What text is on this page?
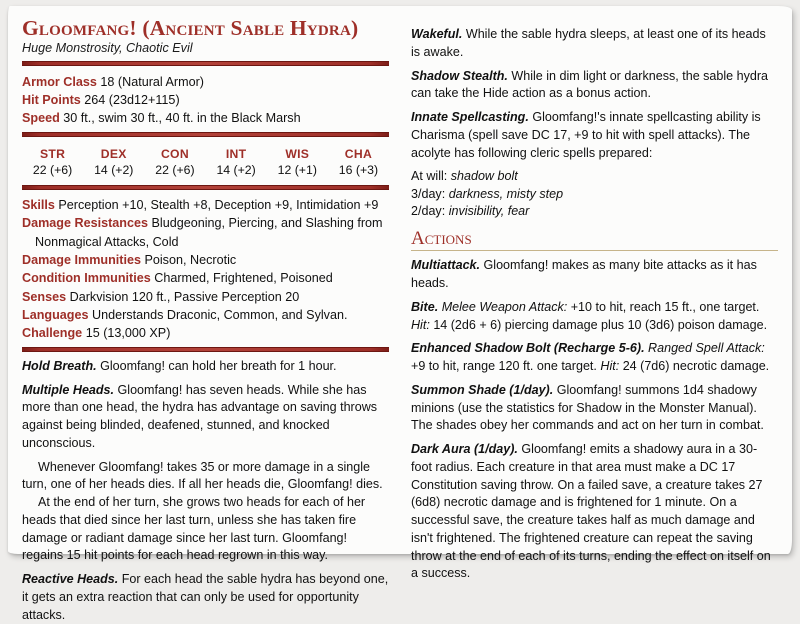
Gloomfang! (Ancient Sable Hydra)
Huge Monstrosity, Chaotic Evil
Armor Class 18 (Natural Armor)
Hit Points 264 (23d12+115)
Speed 30 ft., swim 30 ft., 40 ft. in the Black Marsh
STR
22 (+6)
DEX
14 (+2)
CON
22 (+6)
INT
14 (+2)
WIS
12 (+1)
CHA
16 (+3)
Skills Perception +10, Stealth +8, Deception +9, Intimidation +9
Damage Resistances Bludgeoning, Piercing, and Slashing from Nonmagical Attacks, Cold
Damage Immunities Poison, Necrotic
Condition Immunities Charmed, Frightened, Poisoned
Senses Darkvision 120 ft., Passive Perception 20
Languages Understands Draconic, Common, and Sylvan.
Challenge 15 (13,000 XP)

Hold Breath. Gloomfang! can hold her breath for 1 hour.

Multiple Heads. Gloomfang! has seven heads. While she has more than one head, the hydra has advantage on saving throws against being blinded, deafened, stunned, and knocked unconscious.

Whenever Gloomfang! takes 35 or more damage in a single turn, one of her heads dies. If all her heads die, Gloomfang! dies.

At the end of her turn, she grows two heads for each of her heads that died since her last turn, unless she has taken fire damage or radiant damage since her last turn. Gloomfang! regains 15 hit points for each head regrown in this way.

Reactive Heads. For each head the sable hydra has beyond one, it gets an extra reaction that can only be used for opportunity attacks.

Wakeful. While the sable hydra sleeps, at least one of its heads is awake.

Shadow Stealth. While in dim light or darkness, the sable hydra can take the Hide action as a bonus action.

Innate Spellcasting. Gloomfang!'s innate spellcasting ability is Charisma (spell save DC 17, +9 to hit with spell attacks). The acolyte has following cleric spells prepared:

At will: shadow bolt
3/day: darkness, misty step
2/day: invisibility, fear
Actions

Multiattack. Gloomfang! makes as many bite attacks as it has heads.

Bite. Melee Weapon Attack: +10 to hit, reach 15 ft., one target. Hit: 14 (2d6 + 6) piercing damage plus 10 (3d6) poison damage.

Enhanced Shadow Bolt (Recharge 5-6). Ranged Spell Attack: +9 to hit, range 120 ft. one target. Hit: 24 (7d6) necrotic damage.

Summon Shade (1/day). Gloomfang! summons 1d4 shadowy minions (use the statistics for Shadow in the Monster Manual). The shades obey her commands and act on her turn in combat.

Dark Aura (1/day). Gloomfang! emits a shadowy aura in a 30-foot radius. Each creature in that area must make a DC 17 Constitution saving throw. On a failed save, a creature takes 27 (6d8) necrotic damage and is frightened for 1 minute. On a successful save, the creature takes half as much damage and isn't frightened. The frightened creature can repeat the saving throw at the end of each of its turns, ending the effect on itself on a success.
